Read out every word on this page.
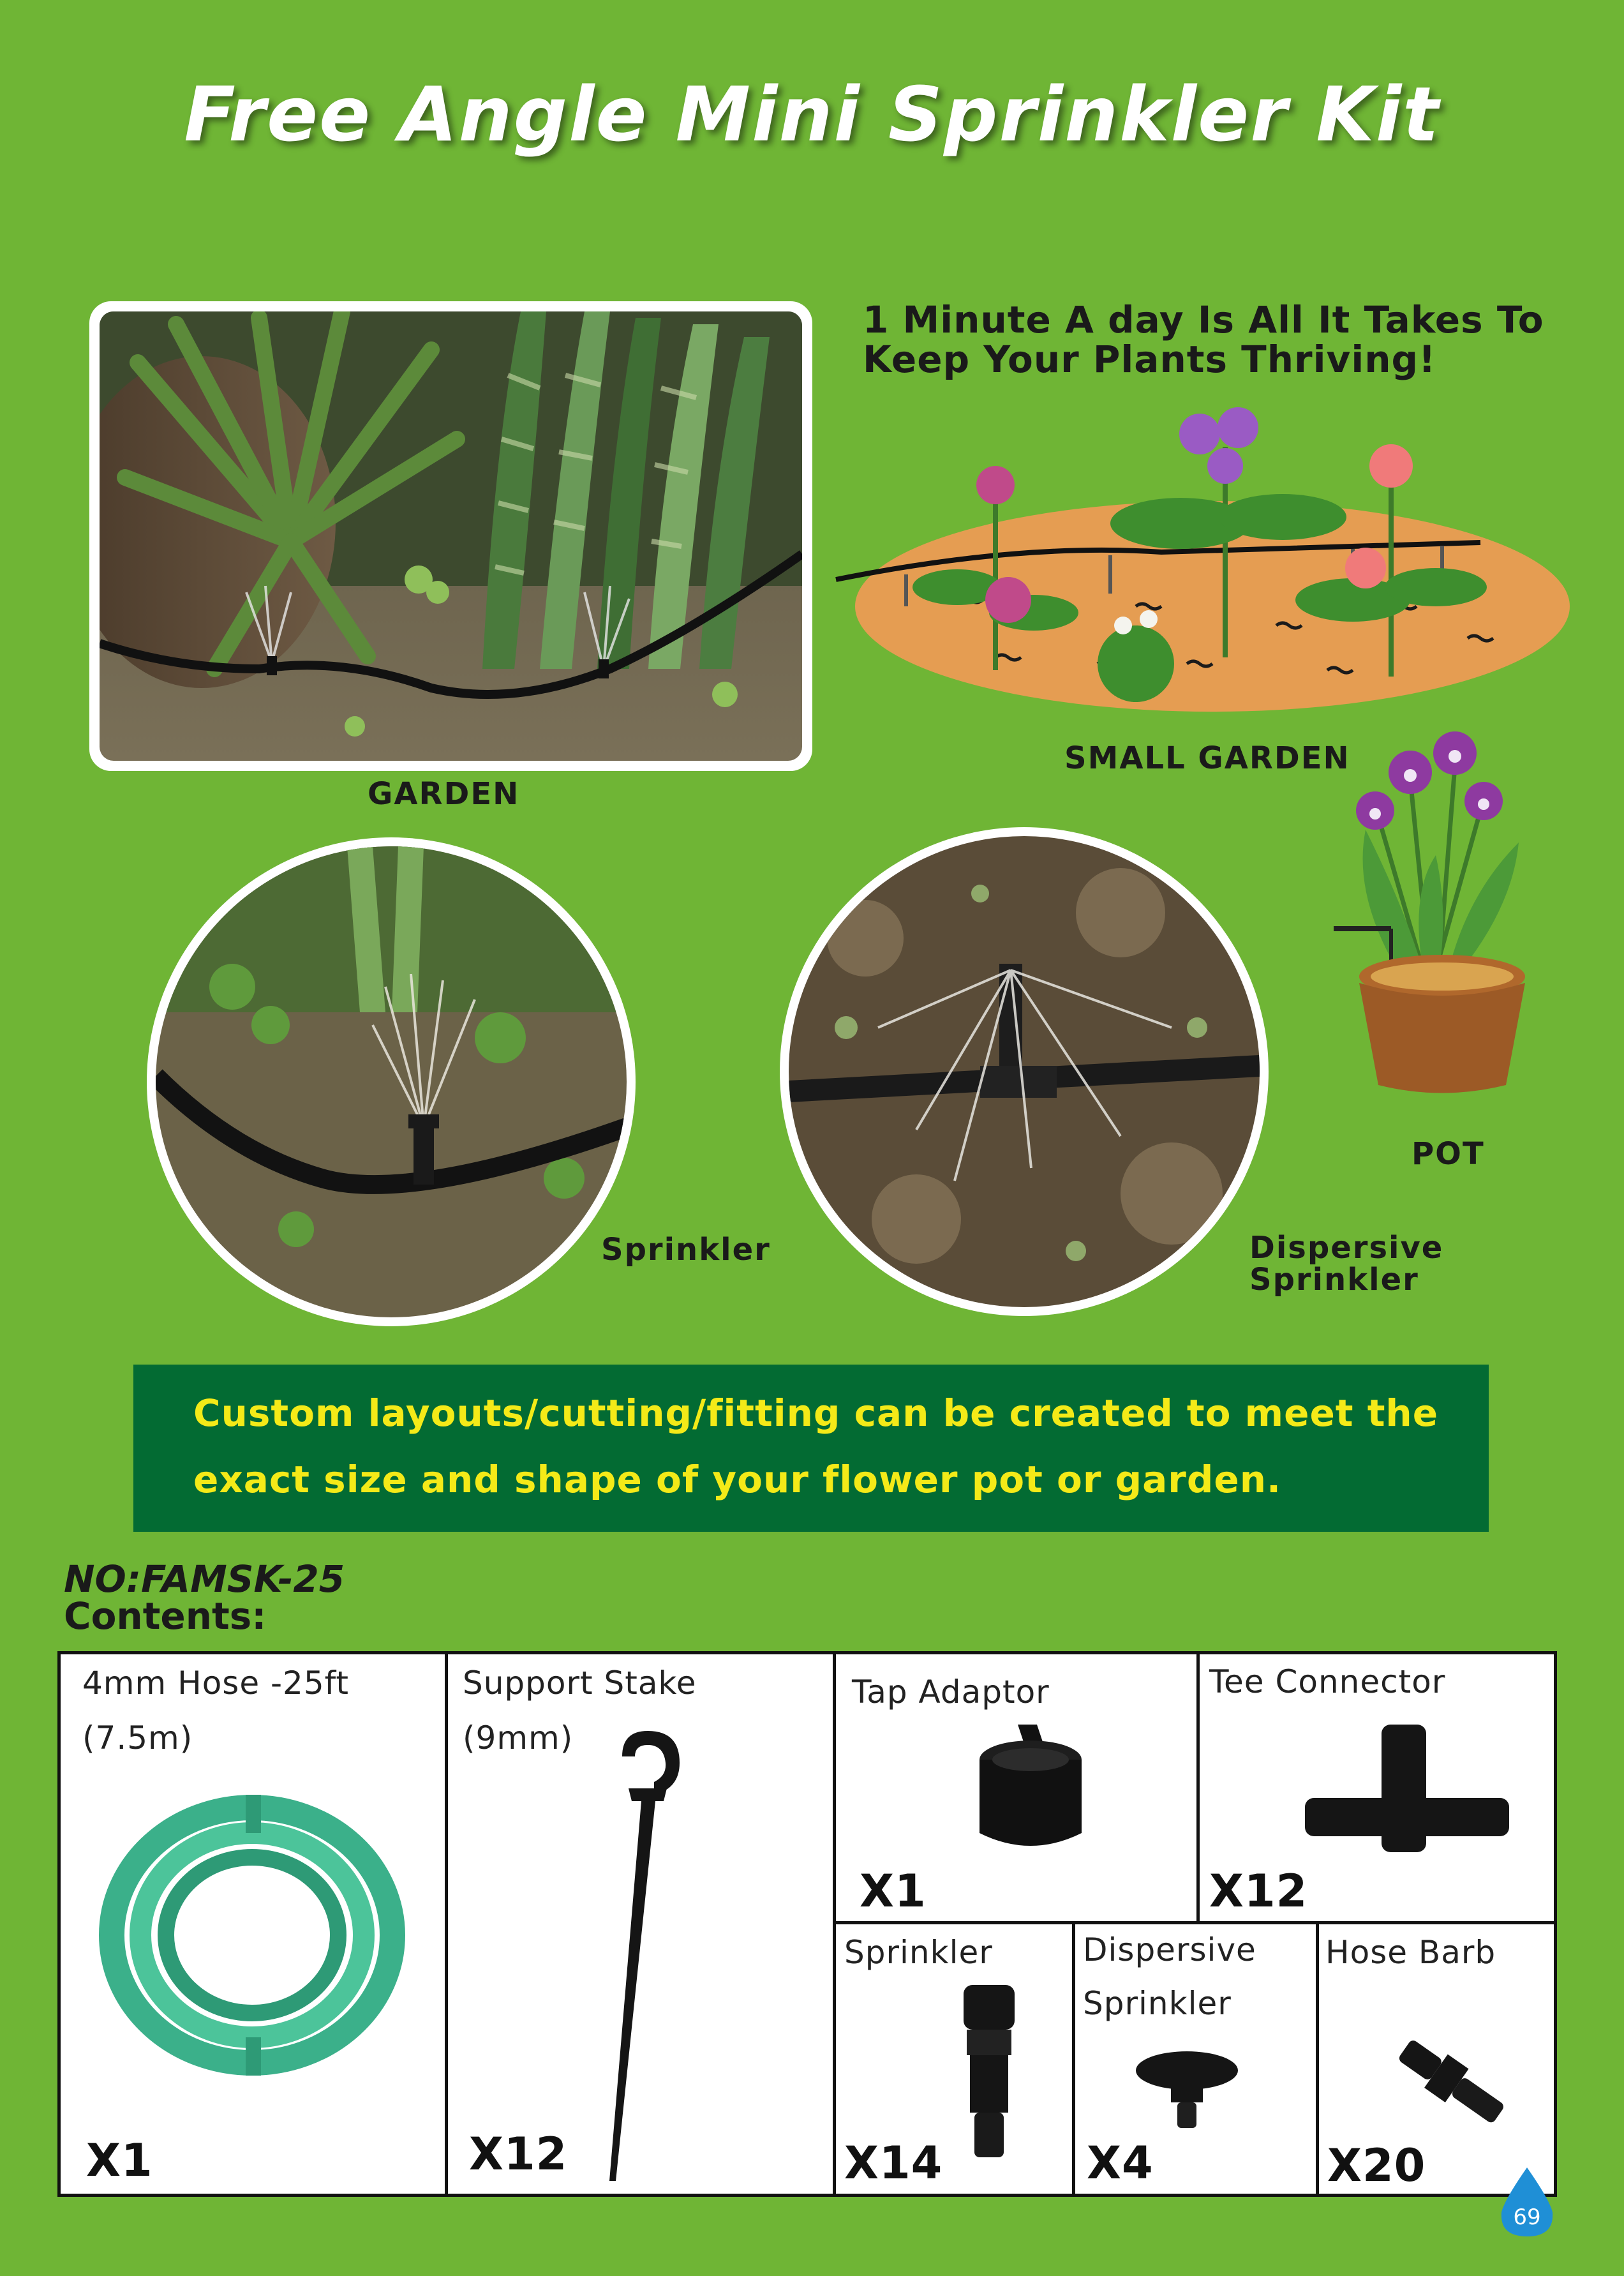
Free Angle Mini Sprinkler Kit
GARDEN
1 Minute A day Is All It Takes To
Keep Your Plants Thriving!
SMALL GARDEN
POT
Sprinkler	Dispersive
Sprinkler
Custom layouts/cutting/fitting can be created to meet the
exact size and shape of your flower pot or garden.
NO:FAMSK-25
Contents:
4mm Hose -25ft
(7.5m)
X1
Support Stake
(9mm)
X12
Tap Adaptor
X1
Tee Connector
X12
Sprinkler
X14
Dispersive
Sprinkler
X4
Hose Barb
X20
69
